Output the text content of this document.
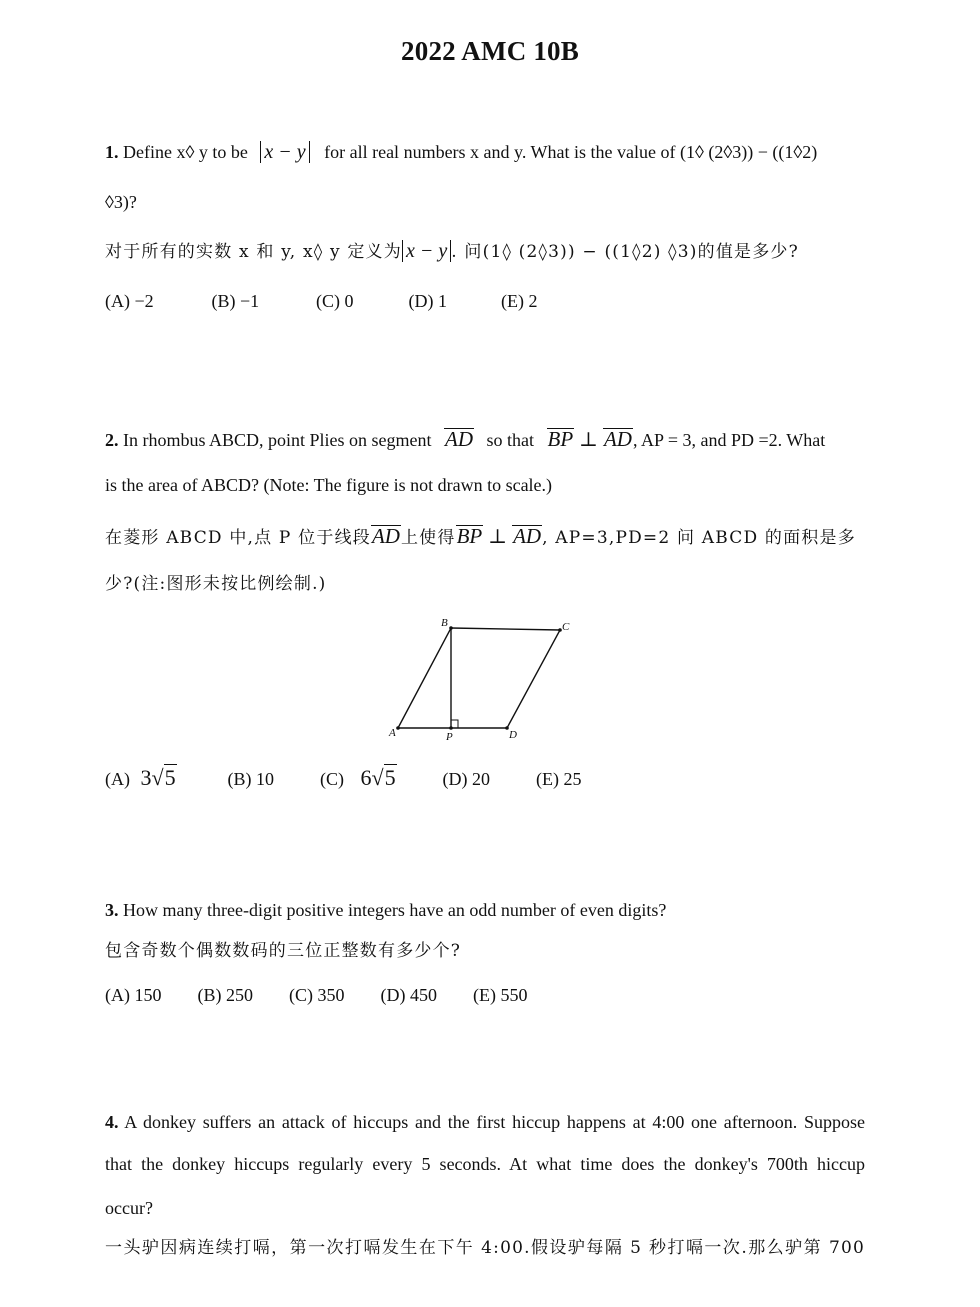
2022 AMC 10B
1. Define x◊ y to be x − y for all real numbers x and y. What is the value of (1◊ (2◊3)) − ((1◊2)
◊3)?
对于所有的实数 x 和 y, x◊ y 定义为 x − y . 问(1◊ (2◊3)) − ((1◊2) ◊3)的值是多少?
(A) −2	(B) −1	(C) 0	(D) 1	(E) 2
2. In rhombus ABCD, point Plies on segment AD so that BP ⊥ AD, AP = 3, and PD =2. What
is the area of ABCD? (Note: The figure is not drawn to scale.)
在菱形 ABCD 中,点 P 位于线段AD上使得BP ⊥ AD, AP=3,PD=2 问 ABCD 的面积是多
少?(注:图形未按比例绘制.)
A
B	C
D
P
(A) 3√5	(B) 10	(C) 6√5	(D) 20	(E) 25
3. How many three-digit positive integers have an odd number of even digits?
包含奇数个偶数数码的三位正整数有多少个?
(A) 150 (B) 250 (C) 350 (D) 450 (E) 550
4. A donkey suffers an attack of hiccups and the first hiccup happens at 4:00 one afternoon. Suppose
that the donkey hiccups regularly every 5 seconds. At what time does the donkey's 700th hiccup
occur?
一头驴因病连续打嗝，第一次打嗝发生在下午 4:00.假设驴每隔 5 秒打嗝一次.那么驴第 700
